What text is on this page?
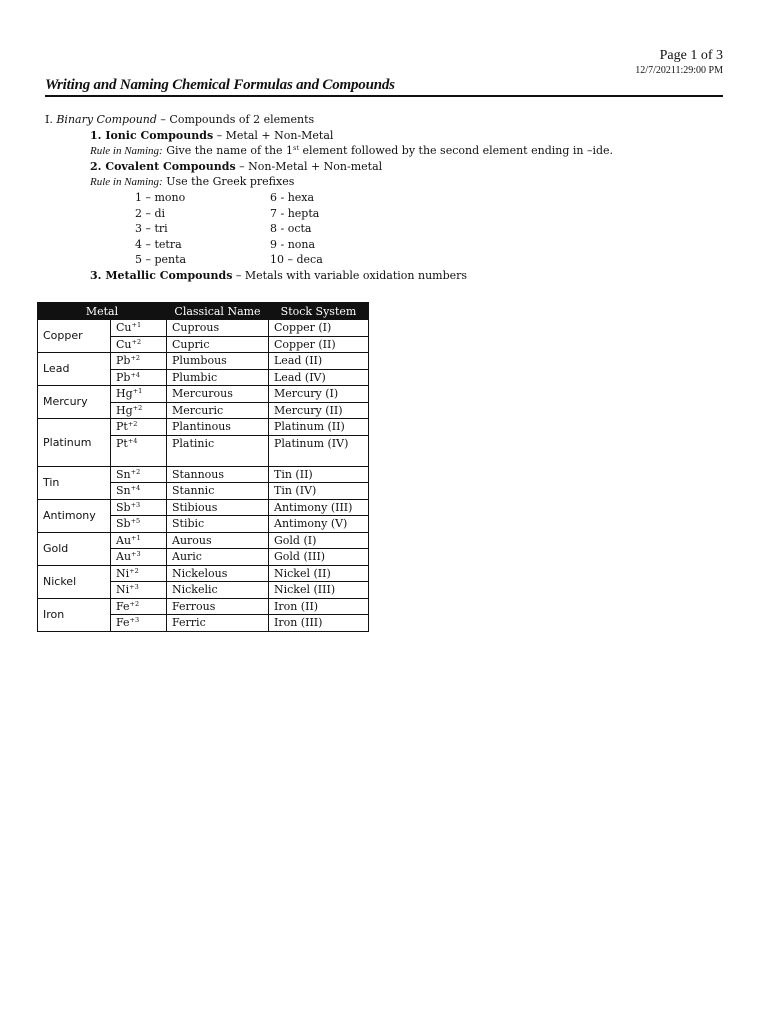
Page 1 of 3
12/7/20211:29:00 PM
Writing and Naming Chemical Formulas and Compounds
I. Binary Compound – Compounds of 2 elements
1. Ionic Compounds – Metal + Non-Metal
Rule in Naming: Give the name of the 1st element followed by the second element ending in –ide.
2. Covalent Compounds – Non-Metal + Non-metal
Rule in Naming: Use the Greek prefixes
1 – mono	6 - hexa
2 – di	7 - hepta
3 – tri	8 - octa
4 – tetra	9 - nona
5 – penta	10 – deca
3. Metallic Compounds – Metals with variable oxidation numbers
Metal		Classical Name	Stock System
Copper	$Cu^{+1}$	Cuprous	Copper (I)
	$Cu^{+2}$	Cupric	Copper (II)
Lead	$Pb^{+2}$	Plumbous	Lead (II)
	$Pb^{+4}$	Plumbic	Lead (IV)
Mercury	$Hg^{+1}$	Mercurous	Mercury (I)
	$Hg^{+2}$	Mercuric	Mercury (II)
Platinum	$Pt^{+2}$	Plantinous	Platinum (II)
	$Pt^{+4}$	Platinic	Platinum (IV)
Tin	$Sn^{+2}$	Stannous	Tin (II)
	$Sn^{+4}$	Stannic	Tin (IV)
Antimony	$Sb^{+3}$	Stibious	Antimony (III)
	$Sb^{+5}$	Stibic	Antimony (V)
Gold	$Au^{+1}$	Aurous	Gold (I)
	$Au^{+3}$	Auric	Gold (III)
Nickel	$Ni^{+2}$	Nickelous	Nickel (II)
	$Ni^{+3}$	Nickelic	Nickel (III)
Iron	$Fe^{+2}$	Ferrous	Iron (II)
	$Fe^{+3}$	Ferric	Iron (III)
